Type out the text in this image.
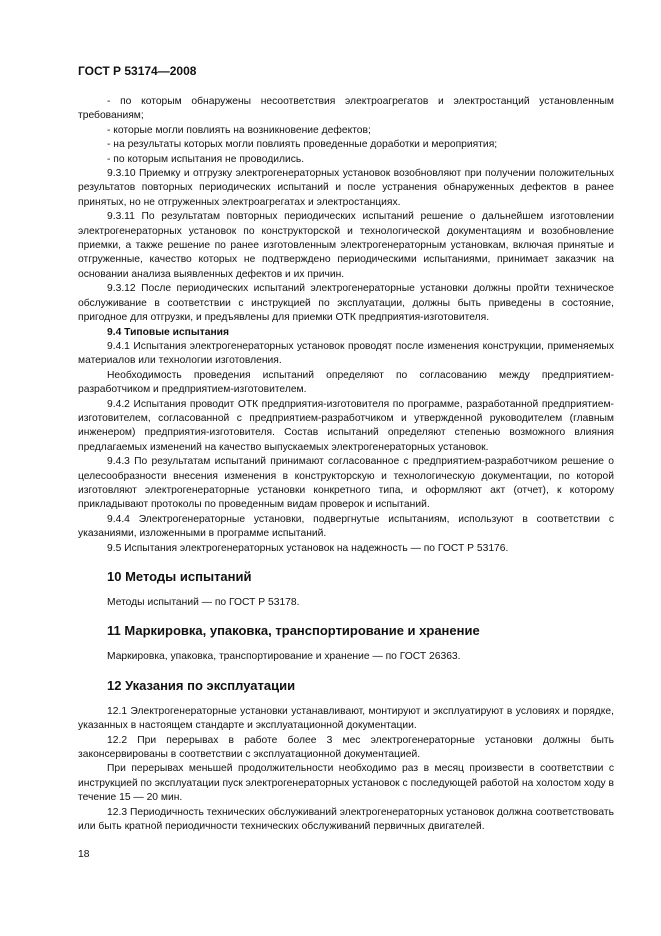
ГОСТ Р 53174—2008

- по которым обнаружены несоответствия электроагрегатов и электростанций установленным требованиям;

- которые могли повлиять на возникновение дефектов;

- на результаты которых могли повлиять проведенные доработки и мероприятия;

- по которым испытания не проводились.

9.3.10 Приемку и отгрузку электрогенераторных установок возобновляют при получении положительных результатов повторных периодических испытаний и после устранения обнаруженных дефектов в ранее принятых, но не отгруженных электроагрегатах и электростанциях.

9.3.11 По результатам повторных периодических испытаний решение о дальнейшем изготовлении электрогенераторных установок по конструкторской и технологической документациям и возобновление приемки, а также решение по ранее изготовленным электрогенераторным установкам, включая принятые и отгруженные, качество которых не подтверждено периодическими испытаниями, принимает заказчик на основании анализа выявленных дефектов и их причин.

9.3.12 После периодических испытаний электрогенераторные установки должны пройти техническое обслуживание в соответствии с инструкцией по эксплуатации, должны быть приведены в состояние, пригодное для отгрузки, и предъявлены для приемки ОТК предприятия-изготовителя.

9.4 Типовые испытания

9.4.1 Испытания электрогенераторных установок проводят после изменения конструкции, применяемых материалов или технологии изготовления.

Необходимость проведения испытаний определяют по согласованию между предприятием-разработчиком и предприятием-изготовителем.

9.4.2 Испытания проводит ОТК предприятия-изготовителя по программе, разработанной предприятием-изготовителем, согласованной с предприятием-разработчиком и утвержденной руководителем (главным инженером) предприятия-изготовителя. Состав испытаний определяют степенью возможного влияния предлагаемых изменений на качество выпускаемых электрогенераторных установок.

9.4.3 По результатам испытаний принимают согласованное с предприятием-разработчиком решение о целесообразности внесения изменения в конструкторскую и технологическую документации, по которой изготовляют электрогенераторные установки конкретного типа, и оформляют акт (отчет), к которому прикладывают протоколы по проведенным видам проверок и испытаний.

9.4.4 Электрогенераторные установки, подвергнутые испытаниям, используют в соответствии с указаниями, изложенными в программе испытаний.

9.5 Испытания электрогенераторных установок на надежность — по ГОСТ Р 53176.

10 Методы испытаний

Методы испытаний — по ГОСТ Р 53178.

11 Маркировка, упаковка, транспортирование и хранение

Маркировка, упаковка, транспортирование и хранение — по ГОСТ 26363.

12 Указания по эксплуатации

12.1 Электрогенераторные установки устанавливают, монтируют и эксплуатируют в условиях и порядке, указанных в настоящем стандарте и эксплуатационной документации.

12.2 При перерывах в работе более 3 мес электрогенераторные установки должны быть законсервированы в соответствии с эксплуатационной документацией.

При перерывах меньшей продолжительности необходимо раз в месяц произвести в соответствии с инструкцией по эксплуатации пуск электрогенераторных установок с последующей работой на холостом ходу в течение 15 — 20 мин.

12.3 Периодичность технических обслуживаний электрогенераторных установок должна соответствовать или быть кратной периодичности технических обслуживаний первичных двигателей.

18
